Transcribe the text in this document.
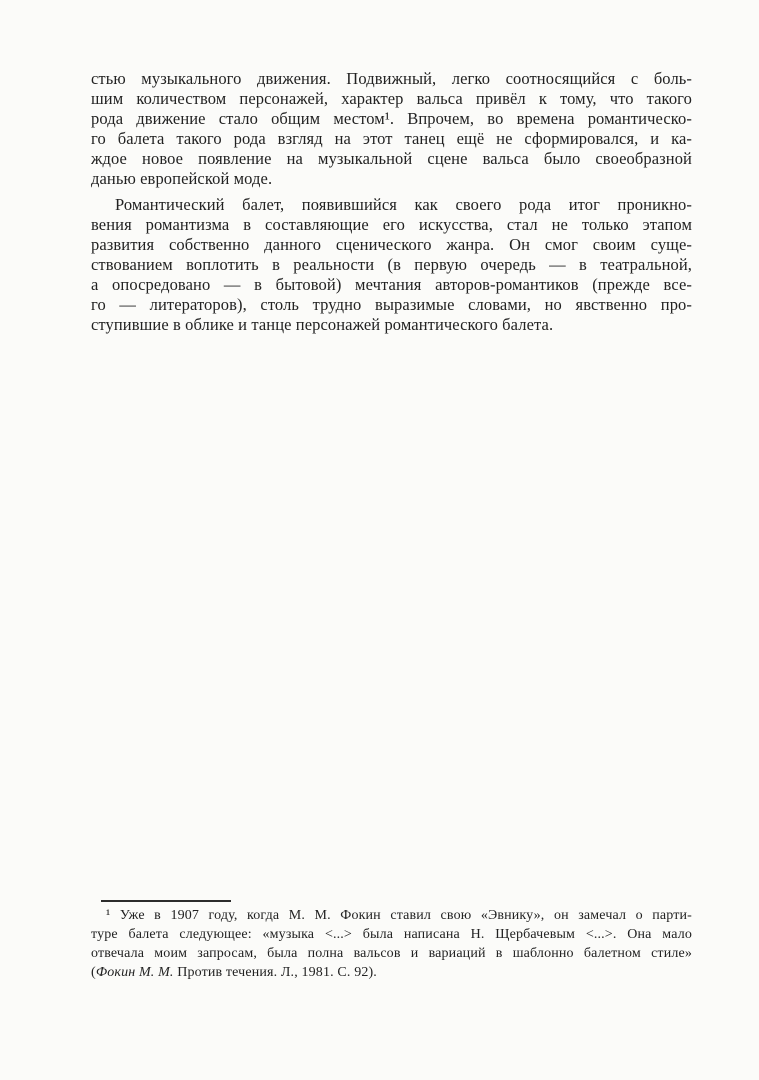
стью музыкального движения. Подвижный, легко соотносящийся с боль-
шим количеством персонажей, характер вальса привёл к тому, что такого
рода движение стало общим местом¹. Впрочем, во времена романтическо-
го балета такого рода взгляд на этот танец ещё не сформировался, и ка-
ждое новое появление на музыкальной сцене вальса было своеобразной
данью европейской моде.
Романтический балет, появившийся как своего рода итог проникно-
вения романтизма в составляющие его искусства, стал не только этапом
развития собственно данного сценического жанра. Он смог своим суще-
ствованием воплотить в реальности (в первую очередь — в театральной,
а опосредовано — в бытовой) мечтания авторов-романтиков (прежде все-
го — литераторов), столь трудно выразимые словами, но явственно про-
ступившие в облике и танце персонажей романтического балета.
¹ Уже в 1907 году, когда М. М. Фокин ставил свою «Эвнику», он замечал о парти-
туре балета следующее: «музыка <...> была написана Н. Щербачевым <...>. Она мало
отвечала моим запросам, была полна вальсов и вариаций в шаблонно балетном стиле»
(Фокин М. М. Против течения. Л., 1981. С. 92).
